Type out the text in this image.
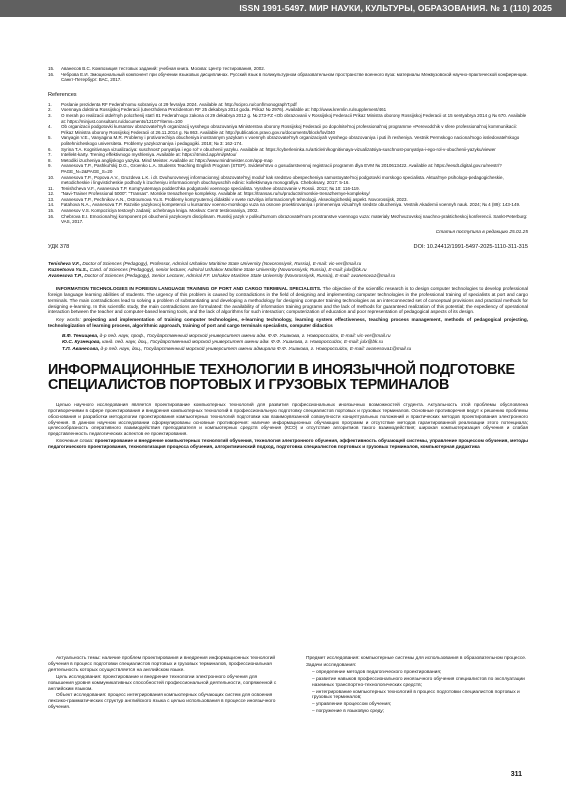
ISSN 1991-5497. МИР НАУКИ, КУЛЬТУРЫ, ОБРАЗОВАНИЯ. № 1 (110) 2025
15. Аванесов В.С. Композиция тестовых заданий: учебная книга. Москва: Центр тестирования, 2002.
16. Чеброва Е.И. Эмоциональный компонент при обучении языковых дисциплинах. Русский язык в поликультурном образовательном пространстве военного вуза: материалы Межвузовской научно-практической конференции. Санкт-Петербург: ВАС, 2017.
References
1. Poslanie prezidenta RF Federal'nomu sobraniyu ot 29 fevralya 2024. Available at: http://scipro.ru/conf/monographT.pdf
2. Voennaya doktrina Rossijskoj Federacii (utverzhdena Prezidentom RF 25 dekabrya 2014 goda. Prikaz № 2976). Available at: http://www.kremlin.ru/supplement/461
3. O merah po realizacii otdel'nyh polozhenij stat'i 81 Federal'nogo zakona ot 29 dekabrya 2012 g. № 273-FZ «Ob obrazovanii v Rossijskoj Federacii Prikaz Ministra oborony Rossijskoj Federacii ot 15 sentyabrya 2014 g № 670. Available at: https://minjust.consultant.ru/documents/12107?items=100
4. Ob organizacii podgotovki kursantov obrazovatel'nyh organizacij vysshego obrazovaniya Ministerstva oborony Rossijskoj Federacii po dopolnitel'noj professional'noj programme «Perevodchik v sfere professional'noj kommunikacii: Prikaz Ministra oborony Rossijskoj Federacii ot 26.11.2014 g. № 863. Available at: http://publication.pravo.gov.ru/documents/block/fovl340
5. Vanyagin V.E., Vanyagina M.R. Problemy i protivorechiya obucheniya inostrannym yazykam v voennyh obrazovatel'nyh organizaciyah vysshego obrazovaniya i puti ih resheniya. Vestnik Permskogo nacional'nogo issledovatel'skogo politehnicheskogo universiteta. Problemy yazykoznaniya i pedagogiki. 2018; № 3: 162-174.
6. Syrina T.A. Kognitivnaya vizualizaciya: suschnost' ponyatiya i ego rol' v obuchenii yazyku. Available at: https://cyberleninka.ru/article/n/kognitivnaya-vizualizatsiya-suschnost-ponyatiya-i-ego-rol-v-obuchenii-yazyku/viewer
7. Intellekt-karty. Trening effektivnogo myshleniya. Available at: https://4mind.app/mi/pMou/
8. Metodiki izucheniya anglijskogo yazyka. Mind Meister. Available at: https://www.mindmeister.com/app-map
9. Avanesova T.P., Pashkul'skij D.G., Groenko L.A. Students Teaching English Program (STEP). Svidetel'stvo o gosudarstvennoj registracii programm dlya EVM № 2010613422. Available at: https://eesdt.digital.gov.ru/reestr/?PAGE_N=2&PAGE_S=20
10. Avanesova T.P., Popova A.V., Gruzdeva L.K. i dr. Dvuhurovnevyj informacionnyj obrazovatel'nyj modul' kak sredstvo obespecheniya samostoyatel'noj podgotovki morskogo specialista. Aktual'nye psihologo-pedagogicheskie, metodicheskie i lingvisticheskie podhody k izucheniyu informacionnyh obuchayuschih edinic: kollektivnaya monografiya. Cheboksary, 2017: 5-16.
11. Tenishcheva V.F., Avanesova T.P. Komp'yutemaya podderzhka podgotovki voennogo specialista. Vysshee obrazovanie v Rossii. 2012; № 10: 116-119.
12. "Navi-Trainer Professional 5000": "Transas". Morskie trenazhernye kompleksy. Available at: https://transas.ru/ru/products/morskie-trenazhernye-kompleksy/
13. Avanesova T.P., Pechnikov A.N., Ostroumova Yu.S. Problemy komp'yuternoj didaktiki v svete razvitiya informacionnyh tehnologij. Akseologicheskij aspekt. Novorossijsk, 2023.
14. Fatahova N.A., Avanesova T.P. Razvitie yazykovoj kompetencii u kursantov voenno-morskogo vuza na osnove proektirovaniya i primeneniya vizual'nyh sredstv obucheniya. Vestnik Akademii voennyh nauk. 2024; № 4 (89): 143-149.
15. Avanesov V.S. Kompoziciya testovyh zadanij: uchebnaya kniga. Moskva: Centr testirovaniya, 2002.
16. Chebrova E.I. Emocional'nyj komponent pri obuchenii yazykovym disciplinam. Russkij yazyk v polikul'turnom obrazovatel'nom prostranstve voennogo vuza: materialy Mezhvuzovskoj nauchno-prakticheskoj konferencii. Sankt-Peterburg: VAS, 2017.
Статья поступила в редакцию 25.01.25
УДК 378	DOI: 10.24412/1991-5497-2025-1110-311-315

Tenisheva V.F., Doctor of Sciences (Pedagogy), Professor, Admiral Ushakov Maritime State University (Novorossiysk, Russia), E-mail: vic-ver@mail.ru

Kuznetsova Yu.S., Cand. of Sciences (Pedagogy), senior lecturer, Admiral Ushakov Maritime State University (Novorossiysk, Russia), E-mail: julx@bk.ru

Avanesova T.P., Doctor of Sciences (Pedagogy), Senior Lecturer, Admiral F.F. Ushakov Maritime State University (Novorossiysk, Russia), E-mail: avanesova1@mail.ru

INFORMATION TECHNOLOGIES IN FOREIGN LANGUAGE TRAINING OF PORT AND CARGO TERMINAL SPECIALISTS. The objective of the scientific research is to design computer technologies to develop professional foreign language learning abilities of students. The urgency of this problem is caused by contradictions in the field of designing and implementing computer technologies in the professional training of specialists at port and cargo terminals. The main contradictions lead to solving a problem of substantiating and developing a methodology for designing computer training technologies as an interconnected set of conceptual provisions and practical methods for designing e-learning. In this scientific study, the main contradictions are formulated: the availability of information training programs and the lack of methods for guaranteed realization of this potential; the expediency of operational interaction between the teacher and computer-based learning tools, and the lack of algorithms for such interaction; computerization of education and poor representation of pedagogical aspects of its design.

Key words: projecting and implementation of training computer technologies, e-learning technology, learning system effectiveness, teaching process management, methods of pedagogical projecting, technologization of learning process, algorithmic approach, training of port and cargo terminals specialists, computer didactics

В.Ф. Тенищева, д-р пед. наук, проф., Государственный морской университет имени адм. Ф.Ф. Ушакова, г. Новороссийск, E-mail: vic-ver@mail.ru

Ю.С. Кузнецова, канд. пед. наук, доц., Государственный морской университет имени адм. Ф.Ф. Ушакова, г. Новороссийск, E-mail: julx@bk.ru

Т.П. Аванесова, д-р пед. наук, доц., Государственный морской университет имени адмирала Ф.Ф. Ушакова, г. Новороссийск, E-mail: avanesova1@mail.ru

ИНФОРМАЦИОННЫЕ ТЕХНОЛОГИИ В ИНОЯЗЫЧНОЙ ПОДГОТОВКЕ СПЕЦИАЛИСТОВ ПОРТОВЫХ И ГРУЗОВЫХ ТЕРМИНАЛОВ

Целью научного исследования является проектирование компьютерных технологий для развития профессиональных иноязычных возможностей студента. Актуальность этой проблемы обусловлена противоречиями в сфере проектирования и внедрения компьютерных технологий в профессиональную подготовку специалистов портовых и грузовых терминалов. Основные противоречия ведут к решению проблемы обоснования и разработки методологии проектирования компьютерных технологий подготовки как взаимоувязанной совокупности концептуальных положений и практических методов проектирования электронного обучения. В данном научном исследовании сформулированы основные противоречия: наличие информационных обучающих программ и отсутствие методов гарантированной реализации этого потенциала; целесообразность оперативного взаимодействия преподавателя и компьютерных средств обучения (КСО) и отсутствие алгоритмов такого взаимодействия; широкая компьютеризация обучения и слабая представленность педагогических аспектов ее проектирования.

Ключевые слова: проектирование и внедрение компьютерных технологий обучения, технология электронного обучения, эффективность обучающей системы, управление процессом обучения, методы педагогического проектирования, технологизация процесса обучения, алгоритмический подход, подготовка специалистов портовых и грузовых терминалов, компьютерная дидактика

Актуальность темы: наличие проблем проектирования и внедрения информационных технологий обучения в процесс подготовки специалистов портовых и грузовых терминалов, профессиональная деятельность которых осуществляется на английском языке.

Цель исследования: проектирование и внедрение технологии электронного обучения для повышения уровня коммуникативных способностей профессиональной деятельности, сопряженной с английским языком.

Объект исследования: процесс интегрирования компьютерных обучающих систем для освоения лексико-грамматических структур английского языка с целью использования в процессе иноязычного обучения.

Предмет исследования: компьютерные системы для использования в образовательном процессе.

Задачи исследования:

– определение методов педагогического проектирования;

– развитие навыков профессионального иноязычного обучения специалистов по эксплуатации наземных транспортно-технологических средств;

– интегрирование компьютерных технологий в процесс подготовки специалистов портовых и грузовых терминалов;

– управление процессом обучения;

– погружение в языковую среду;

311
